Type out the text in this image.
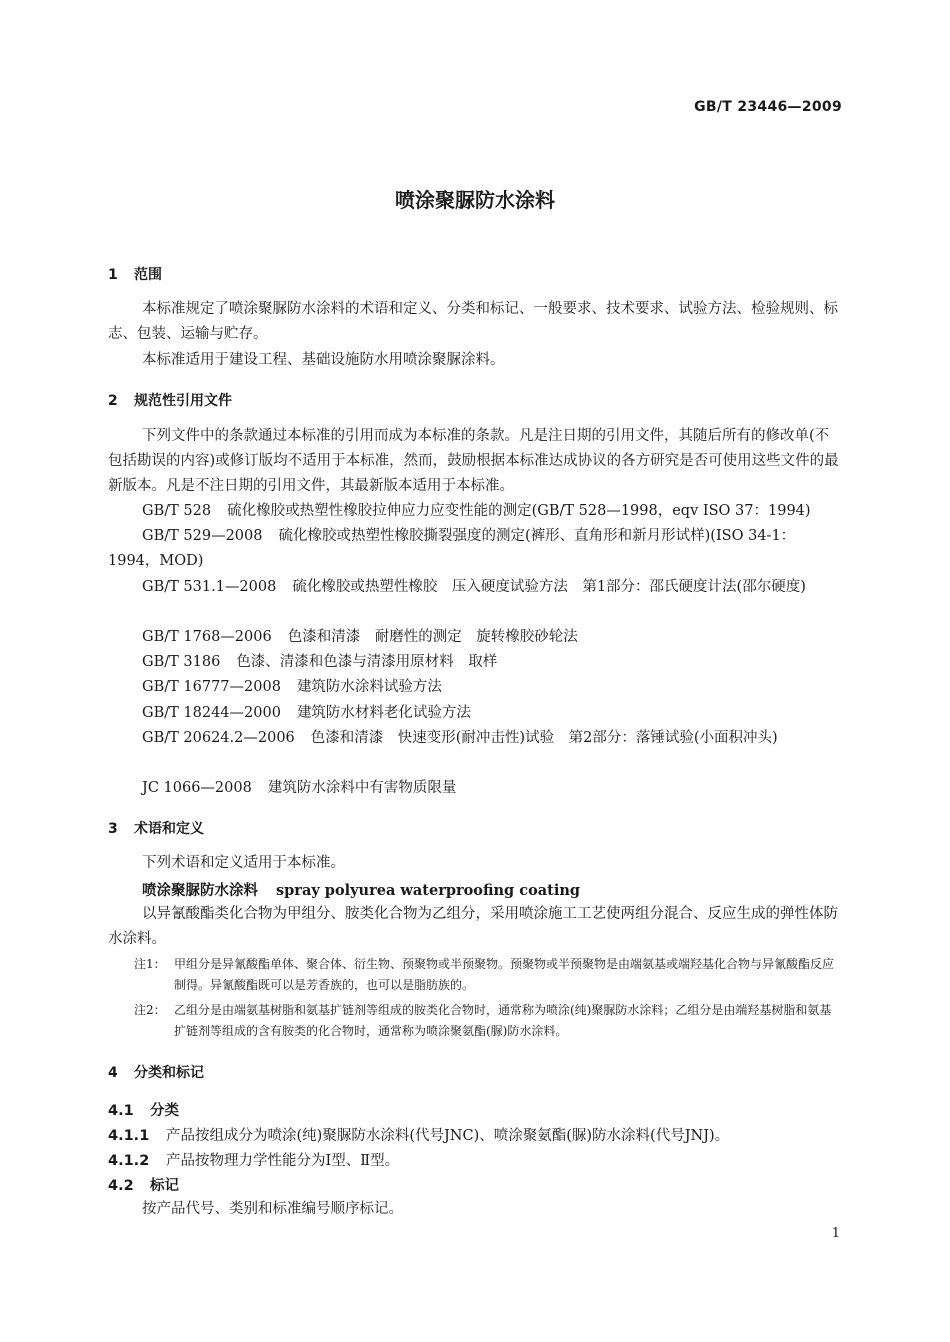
GB/T 23446—2009
喷涂聚脲防水涂料
1 范围
本标准规定了喷涂聚脲防水涂料的术语和定义、分类和标记、一般要求、技术要求、试验方法、检验规则、标志、包装、运输与贮存。
本标准适用于建设工程、基础设施防水用喷涂聚脲涂料。
2 规范性引用文件
下列文件中的条款通过本标准的引用而成为本标准的条款。凡是注日期的引用文件，其随后所有的修改单(不包括勘误的内容)或修订版均不适用于本标准，然而，鼓励根据本标准达成协议的各方研究是否可使用这些文件的最新版本。凡是不注日期的引用文件，其最新版本适用于本标准。
GB/T 528 硫化橡胶或热塑性橡胶拉伸应力应变性能的测定(GB/T 528—1998，eqv ISO 37：1994)
GB/T 529—2008 硫化橡胶或热塑性橡胶撕裂强度的测定(裤形、直角形和新月形试样)(ISO 34-1：1994，MOD)
GB/T 531.1—2008 硫化橡胶或热塑性橡胶　压入硬度试验方法　第1部分：邵氏硬度计法(邵尔硬度)
GB/T 1768—2006 色漆和清漆　耐磨性的测定　旋转橡胶砂轮法
GB/T 3186 色漆、清漆和色漆与清漆用原材料　取样
GB/T 16777—2008 建筑防水涂料试验方法
GB/T 18244—2000 建筑防水材料老化试验方法
GB/T 20624.2—2006 色漆和清漆　快速变形(耐冲击性)试验　第2部分：落锤试验(小面积冲头)
JC 1066—2008 建筑防水涂料中有害物质限量
3 术语和定义
下列术语和定义适用于本标准。
喷涂聚脲防水涂料 spray polyurea waterproofing coating
以异氰酸酯类化合物为甲组分、胺类化合物为乙组分，采用喷涂施工工艺使两组分混合、反应生成的弹性体防水涂料。
注1： 甲组分是异氰酸酯单体、聚合体、衍生物、预聚物或半预聚物。预聚物或半预聚物是由端氨基或端羟基化合物与异氰酸酯反应制得。异氰酸酯既可以是芳香族的，也可以是脂肪族的。
注2： 乙组分是由端氨基树脂和氨基扩链剂等组成的胺类化合物时，通常称为喷涂(纯)聚脲防水涂料；乙组分是由端羟基树脂和氨基扩链剂等组成的含有胺类的化合物时，通常称为喷涂聚氨酯(脲)防水涂料。
4 分类和标记
4.1 分类
4.1.1 产品按组成分为喷涂(纯)聚脲防水涂料(代号JNC)、喷涂聚氨酯(脲)防水涂料(代号JNJ)。
4.1.2 产品按物理力学性能分为Ⅰ型、Ⅱ型。
4.2 标记
按产品代号、类别和标准编号顺序标记。
1
